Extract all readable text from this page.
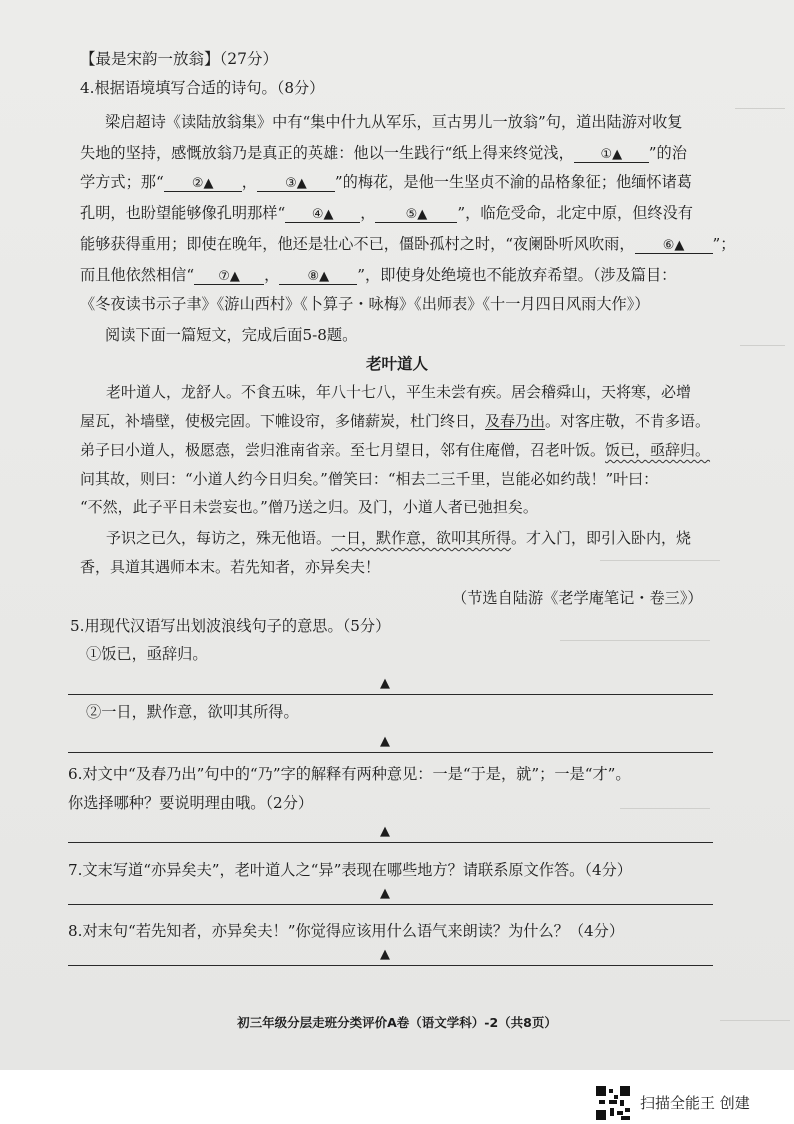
【最是宋韵一放翁】（27分）
4.根据语境填写合适的诗句。（8分）
梁启超诗《读陆放翁集》中有“集中什九从军乐，亘古男儿一放翁”句，道出陆游对收复
失地的坚持，感慨放翁乃是真正的英雄：他以一生践行“纸上得来终觉浅， ①▲ ”的治
学方式；那“ ②▲ ， ③▲ ”的梅花，是他一生坚贞不渝的品格象征；他缅怀诸葛
孔明，也盼望能够像孔明那样“ ④▲ ， ⑤▲ ”，临危受命，北定中原，但终没有
能够获得重用；即使在晚年，他还是壮心不已，僵卧孤村之时，“夜阑卧听风吹雨， ⑥▲ ”；
而且他依然相信“ ⑦▲ ， ⑧▲ ”，即使身处绝境也不能放弃希望。（涉及篇目：
《冬夜读书示子聿》《游山西村》《卜算子・咏梅》《出师表》《十一月四日风雨大作》）
阅读下面一篇短文，完成后面5-8题。
老叶道人
老叶道人，龙舒人。不食五味，年八十七八，平生未尝有疾。居会稽舜山，天将寒，必增
屋瓦，补墙壁，使极完固。下帷设帘，多储薪炭，杜门终日，及春乃出。对客庄敬，不肯多语。
弟子曰小道人，极愿悫，尝归淮南省亲。至七月望日，邻有住庵僧，召老叶饭。饭已，亟辞归。
问其故，则曰：“小道人约今日归矣。”僧笑曰：“相去二三千里，岂能必如约哉！”叶曰：
“不然，此子平日未尝妄也。”僧乃送之归。及门，小道人者已弛担矣。
予识之已久，每访之，殊无他语。一日，默作意，欲叩其所得。才入门，即引入卧内，烧
香，具道其遇师本末。若先知者，亦异矣夫！
（节选自陆游《老学庵笔记・卷三》）
5.用现代汉语写出划波浪线句子的意思。（5分）
①饭已，亟辞归。
▲
②一日，默作意，欲叩其所得。
▲
6.对文中“及春乃出”句中的“乃”字的解释有两种意见：一是“于是，就”；一是“才”。
你选择哪种？要说明理由哦。（2分）
▲
7.文末写道“亦异矣夫”，老叶道人之“异”表现在哪些地方？请联系原文作答。（4分）
▲
8.对末句“若先知者，亦异矣夫！”你觉得应该用什么语气来朗读？为什么？（4分）
▲
初三年级分层走班分类评价A卷（语文学科）-2（共8页）
扫描全能王 创建
